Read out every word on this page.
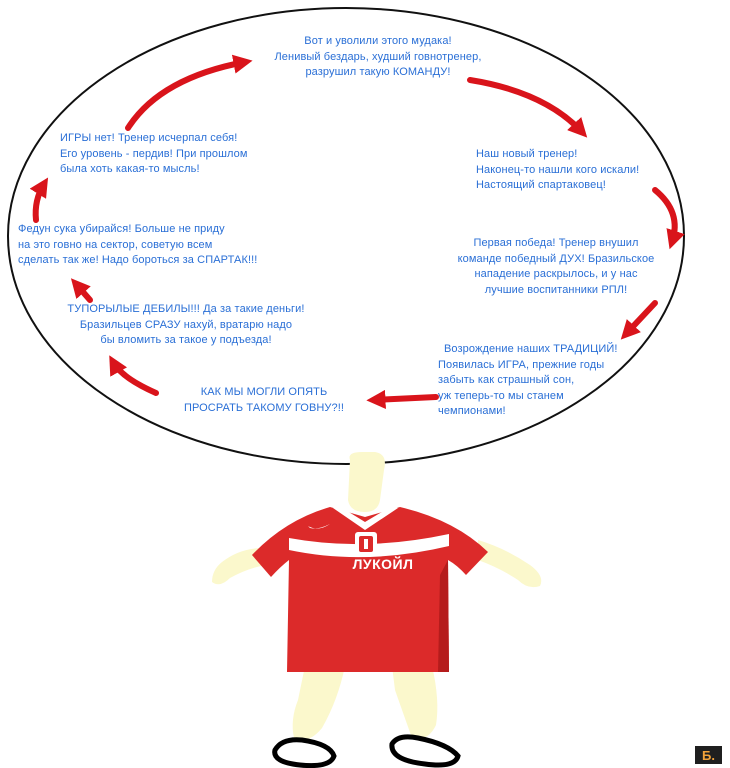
ЛУКОЙЛ
Вот и уволили этого мудака!
Ленивый бездарь, худший говнотренер,
разрушил такую КОМАНДУ!
Наш новый тренер!
Наконец-то нашли кого искали!
Настоящий спартаковец!
Первая победа! Тренер внушил
команде победный ДУХ! Бразильское
нападение раскрылось, и у нас
лучшие воспитанники РПЛ!
Возрождение наших ТРАДИЦИЙ!
Появилась ИГРА, прежние годы
забыть как страшный сон,
уж теперь-то мы станем
чемпионами!
КАК МЫ МОГЛИ ОПЯТЬ
ПРОСРАТЬ ТАКОМУ ГОВНУ?!!
ТУПОРЫЛЫЕ ДЕБИЛЫ!!! Да за такие деньги!
Бразильцев СРАЗУ нахуй, вратарю надо
бы вломить за такое у подъезда!
Федун сука убирайся! Больше не приду
на это говно на сектор, советую всем
сделать так же! Надо бороться за СПАРТАК!!!
ИГРЫ нет! Тренер исчерпал себя!
Его уровень - пердив! При прошлом
была хоть какая-то мысль!
Б.
